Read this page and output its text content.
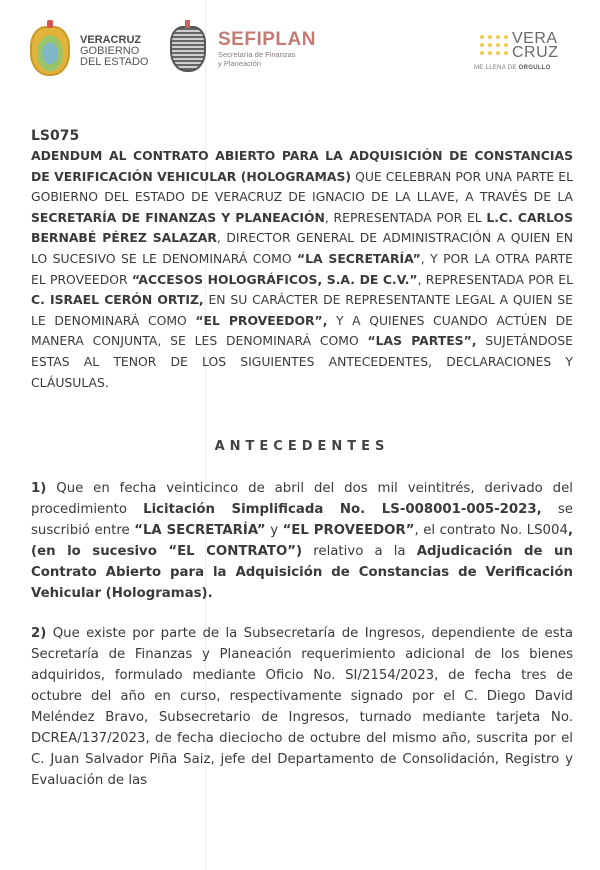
VERACRUZ
GOBIERNO
DEL ESTADO
SEFIPLAN
Secretaría de Finanzas
y Planeación
VERA
CRUZ
ME LLENA DE ORGULLO
LS075
ADENDUM AL CONTRATO ABIERTO PARA LA ADQUISICIÓN DE CONSTANCIAS DE VERIFICACIÓN VEHICULAR (HOLOGRAMAS) QUE CELEBRAN POR UNA PARTE EL GOBIERNO DEL ESTADO DE VERACRUZ DE IGNACIO DE LA LLAVE, A TRAVÉS DE LA SECRETARÍA DE FINANZAS Y PLANEACIÓN, REPRESENTADA POR EL L.C. CARLOS BERNABÉ PÉREZ SALAZAR, DIRECTOR GENERAL DE ADMINISTRACIÓN A QUIEN EN LO SUCESIVO SE LE DENOMINARÁ COMO “LA SECRETARÍA”, Y POR LA OTRA PARTE EL PROVEEDOR “ACCESOS HOLOGRÁFICOS, S.A. DE C.V.”, REPRESENTADA POR EL C. ISRAEL CERÓN ORTIZ, EN SU CARÁCTER DE REPRESENTANTE LEGAL A QUIEN SE LE DENOMINARÁ COMO “EL PROVEEDOR”, Y A QUIENES CUANDO ACTÚEN DE MANERA CONJUNTA, SE LES DENOMINARÁ COMO “LAS PARTES”, SUJETÁNDOSE ESTAS AL TENOR DE LOS SIGUIENTES ANTECEDENTES, DECLARACIONES Y CLÁUSULAS.
ANTECEDENTES
1) Que en fecha veinticinco de abril del dos mil veintitrés, derivado del procedimiento Licitación Simplificada No. LS-008001-005-2023, se suscribió entre “LA SECRETARÍA” y “EL PROVEEDOR”, el contrato No. LS004, (en lo sucesivo “EL CONTRATO”) relativo a la Adjudicación de un Contrato Abierto para la Adquisición de Constancias de Verificación Vehicular (Hologramas).
2) Que existe por parte de la Subsecretaría de Ingresos, dependiente de esta Secretaría de Finanzas y Planeación requerimiento adicional de los bienes adquiridos, formulado mediante Oficio No. SI/2154/2023, de fecha tres de octubre del año en curso, respectivamente signado por el C. Diego David Meléndez Bravo, Subsecretario de Ingresos, turnado mediante tarjeta No. DCREA/137/2023, de fecha dieciocho de octubre del mismo año, suscrita por el C. Juan Salvador Piña Saiz, jefe del Departamento de Consolidación, Registro y Evaluación de las
